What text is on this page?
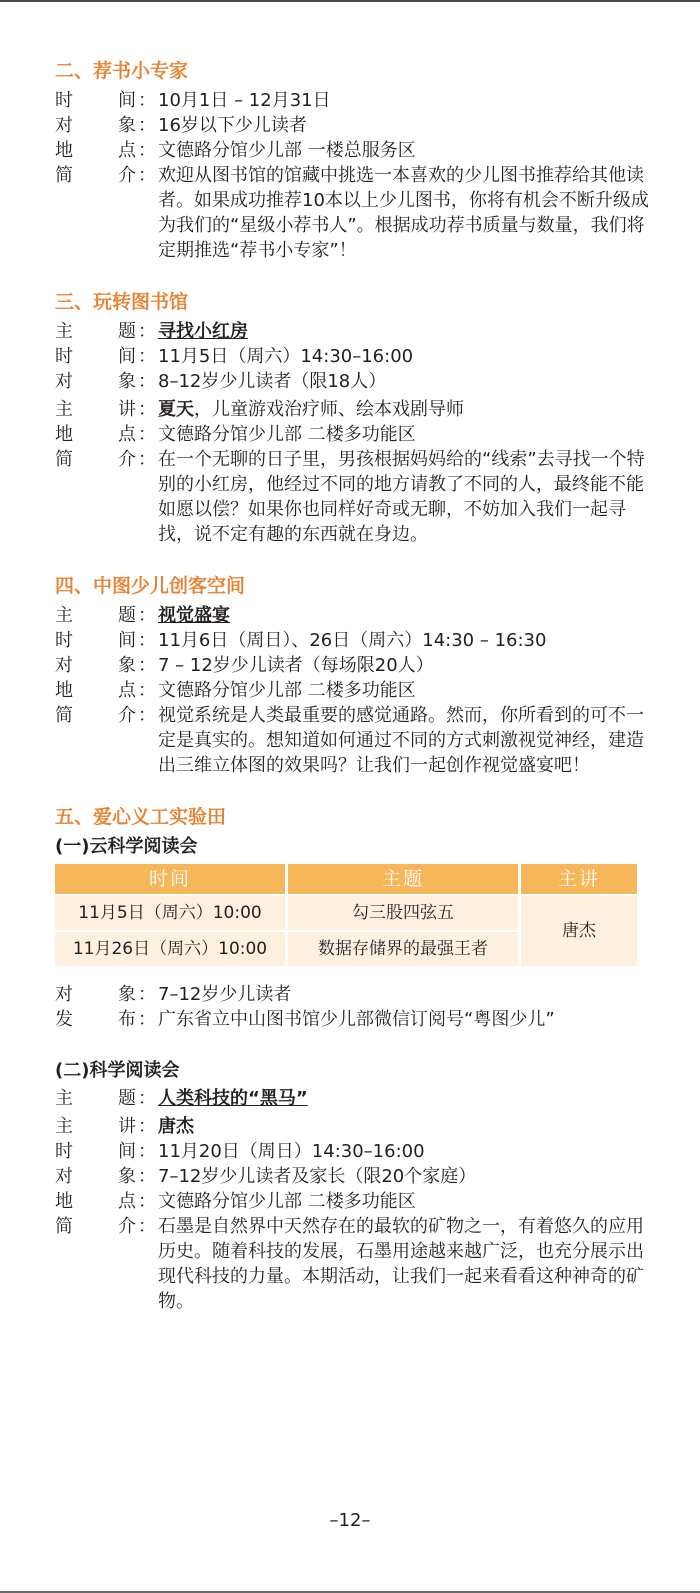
二、荐书小专家
时	间 ： 10月1日 – 12月31日
对	象 ： 16岁以下少儿读者
地	点 ： 文德路分馆少儿部 一楼总服务区
简	介 ： 欢迎从图书馆的馆藏中挑选一本喜欢的少儿图书推荐给其他读者。如果成功推荐10本以上少儿图书，你将有机会不断升级成为我们的“星级小荐书人”。根据成功荐书质量与数量，我们将定期推选“荐书小专家”！
三、玩转图书馆
主	题 ： 寻找小红房
时	间 ： 11月5日（周六）14:30–16:00
对	象 ： 8–12岁少儿读者（限18人）
主	讲 ： 夏天，儿童游戏治疗师、绘本戏剧导师
地	点 ： 文德路分馆少儿部 二楼多功能区
简	介 ： 在一个无聊的日子里，男孩根据妈妈给的“线索”去寻找一个特别的小红房，他经过不同的地方请教了不同的人，最终能不能如愿以偿？如果你也同样好奇或无聊，不妨加入我们一起寻找，说不定有趣的东西就在身边。
四、中图少儿创客空间
主	题 ： 视觉盛宴
时	间 ： 11月6日（周日）、26日（周六）14:30 – 16:30
对	象 ： 7 – 12岁少儿读者（每场限20人）
地	点 ： 文德路分馆少儿部 二楼多功能区
简	介 ： 视觉系统是人类最重要的感觉通路。然而，你所看到的可不一定是真实的。想知道如何通过不同的方式刺激视觉神经，建造出三维立体图的效果吗？让我们一起创作视觉盛宴吧！
五、爱心义工实验田
(一)云科学阅读会
时间	主题	主讲
11月5日（周六）10:00	勾三股四弦五	唐杰
11月26日（周六）10:00	数据存储界的最强王者	
对	象 ： 7–12岁少儿读者
发	布 ： 广东省立中山图书馆少儿部微信订阅号“粤图少儿”
(二)科学阅读会
主	题 ： 人类科技的“黑马”
主	讲 ： 唐杰
时	间 ： 11月20日（周日）14:30–16:00
对	象 ： 7–12岁少儿读者及家长（限20个家庭）
地	点 ： 文德路分馆少儿部 二楼多功能区
简	介 ： 石墨是自然界中天然存在的最软的矿物之一，有着悠久的应用历史。随着科技的发展，石墨用途越来越广泛，也充分展示出现代科技的力量。本期活动，让我们一起来看看这种神奇的矿物。
–12–
